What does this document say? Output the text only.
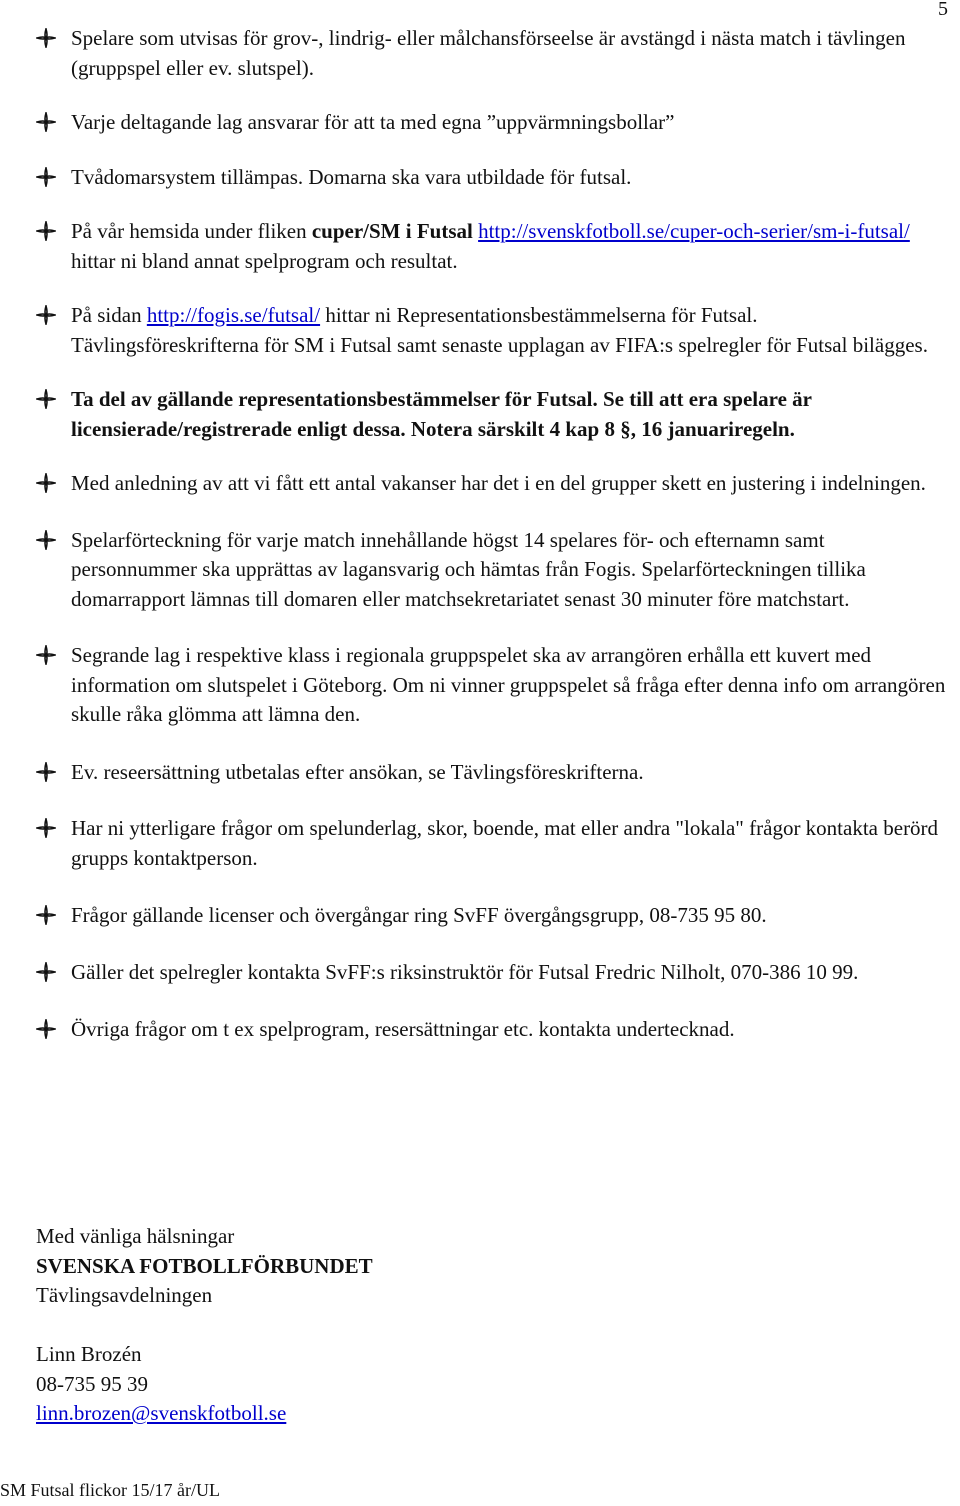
5
Spelare som utvisas för grov-, lindrig- eller målchansförseelse är avstängd i nästa match i tävlingen (gruppspel eller ev. slutspel).
Varje deltagande lag ansvarar för att ta med egna ”uppvärmningsbollar”
Tvådomarsystem tillämpas. Domarna ska vara utbildade för futsal.
På vår hemsida under fliken cuper/SM i Futsal http://svenskfotboll.se/cuper-och-serier/sm-i-futsal/ hittar ni bland annat spelprogram och resultat.
På sidan http://fogis.se/futsal/ hittar ni Representationsbestämmelserna för Futsal. Tävlingsföreskrifterna för SM i Futsal samt senaste upplagan av FIFA:s spelregler för Futsal bilägges.
Ta del av gällande representationsbestämmelser för Futsal. Se till att era spelare är licensierade/registrerade enligt dessa. Notera särskilt 4 kap 8 §, 16 januariregeln.
Med anledning av att vi fått ett antal vakanser har det i en del grupper skett en justering i indelningen.
Spelarförteckning för varje match innehållande högst 14 spelares för- och efternamn samt personnummer ska upprättas av lagansvarig och hämtas från Fogis. Spelarförteckningen tillika domarrapport lämnas till domaren eller matchsekretariatet senast 30 minuter före matchstart.
Segrande lag i respektive klass i regionala gruppspelet ska av arrangören erhålla ett kuvert med information om slutspelet i Göteborg. Om ni vinner gruppspelet så fråga efter denna info om arrangören skulle råka glömma att lämna den.
Ev. reseersättning utbetalas efter ansökan, se Tävlingsföreskrifterna.
Har ni ytterligare frågor om spelunderlag, skor, boende, mat eller andra "lokala" frågor kontakta berörd grupps kontaktperson.
Frågor gällande licenser och övergångar ring SvFF övergångsgrupp, 08-735 95 80.
Gäller det spelregler kontakta SvFF:s riksinstruktör för Futsal Fredric Nilholt, 070-386 10 99.
Övriga frågor om t ex spelprogram, resersättningar etc. kontakta undertecknad.
Med vänliga hälsningar
SVENSKA FOTBOLLFÖRBUNDET
Tävlingsavdelningen
Linn Brozén
08-735 95 39
linn.brozen@svenskfotboll.se
SM Futsal flickor 15/17 år/UL
